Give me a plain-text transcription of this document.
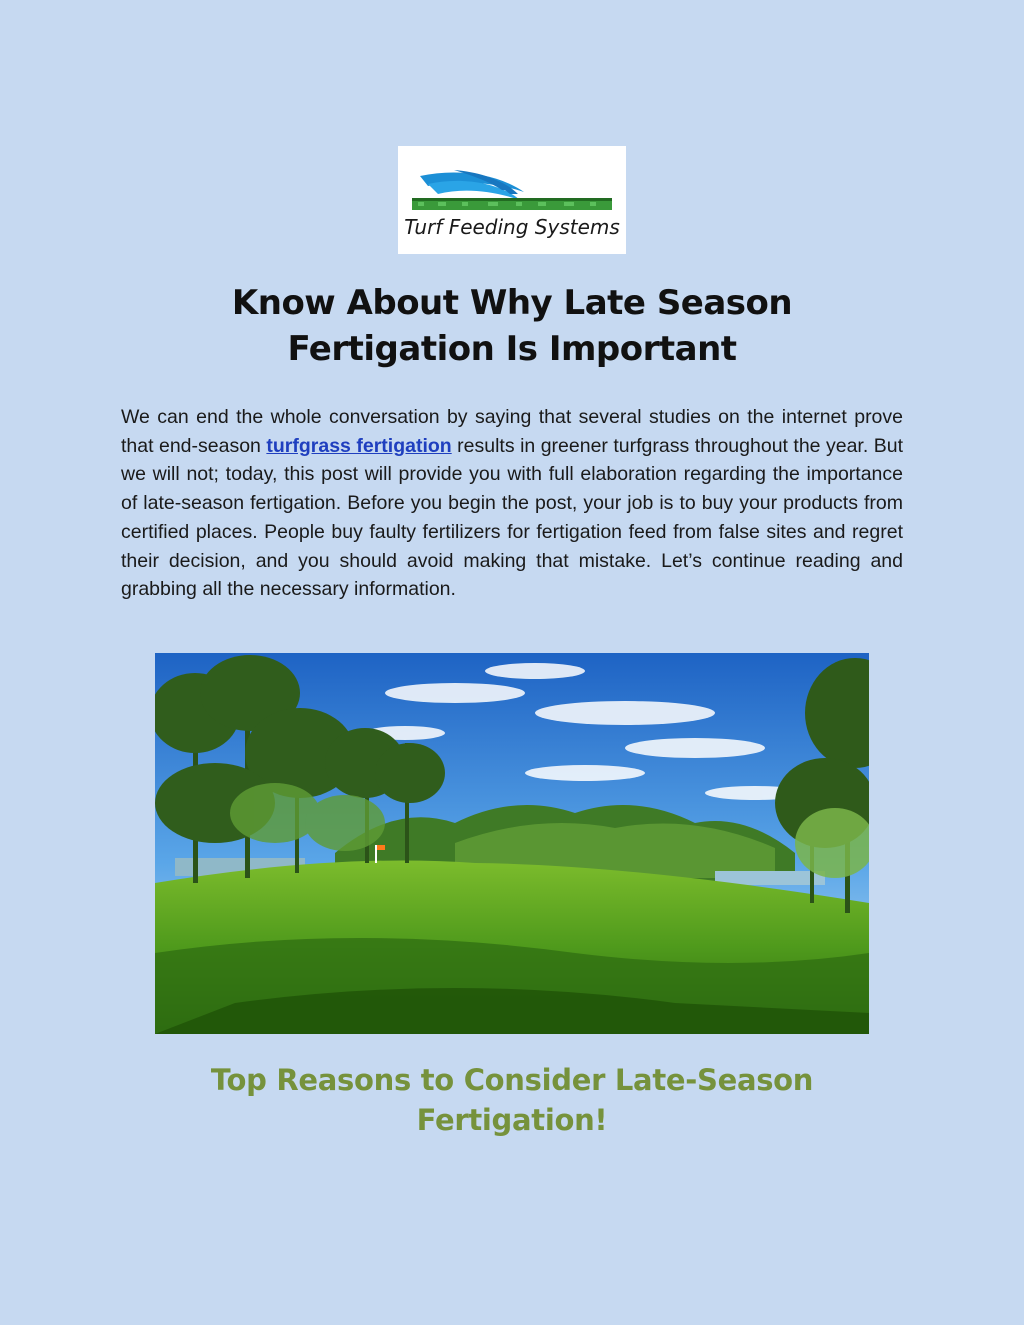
Turf Feeding Systems
Know About Why Late Season
Fertigation Is Important

We can end the whole conversation by saying that several studies on the internet prove that end-season turfgrass fertigation results in greener turfgrass throughout the year. But we will not; today, this post will provide you with full elaboration regarding the importance of late-season fertigation. Before you begin the post, your job is to buy your products from certified places. People buy faulty fertilizers for fertigation feed from false sites and regret their decision, and you should avoid making that mistake. Let’s continue reading and grabbing all the necessary information.

Top Reasons to Consider Late-Season
Fertigation!
